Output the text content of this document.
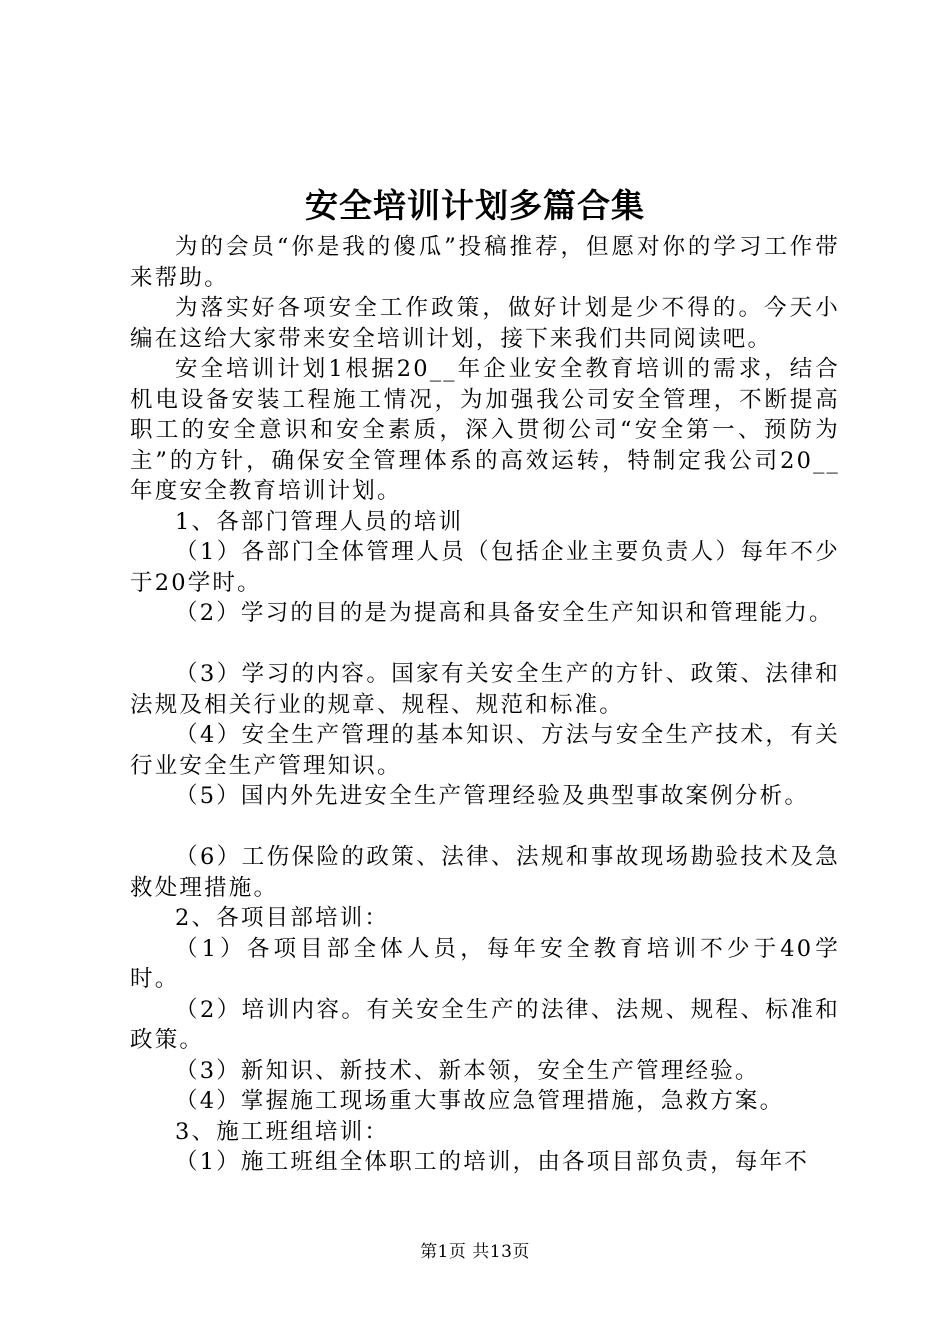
安全培训计划多篇合集

为的会员“你是我的傻瓜”投稿推荐，但愿对你的学习工作带来帮助。

为落实好各项安全工作政策，做好计划是少不得的。今天小编在这给大家带来安全培训计划，接下来我们共同阅读吧。

安全培训计划1根据20__年企业安全教育培训的需求，结合机电设备安装工程施工情况，为加强我公司安全管理，不断提高职工的安全意识和安全素质，深入贯彻公司“安全第一、预防为主”的方针，确保安全管理体系的高效运转，特制定我公司20__年度安全教育培训计划。

1、各部门管理人员的培训

（1）各部门全体管理人员（包括企业主要负责人）每年不少于20学时。

（2）学习的目的是为提高和具备安全生产知识和管理能力。

（3）学习的内容。国家有关安全生产的方针、政策、法律和法规及相关行业的规章、规程、规范和标准。

（4）安全生产管理的基本知识、方法与安全生产技术，有关行业安全生产管理知识。

（5）国内外先进安全生产管理经验及典型事故案例分析。

（6）工伤保险的政策、法律、法规和事故现场勘验技术及急救处理措施。

2、各项目部培训：

（1）各项目部全体人员，每年安全教育培训不少于40学时。

（2）培训内容。有关安全生产的法律、法规、规程、标准和政策。

（3）新知识、新技术、新本领，安全生产管理经验。

（4）掌握施工现场重大事故应急管理措施，急救方案。

3、施工班组培训：

（1）施工班组全体职工的培训，由各项目部负责，每年不

第1页 共13页
